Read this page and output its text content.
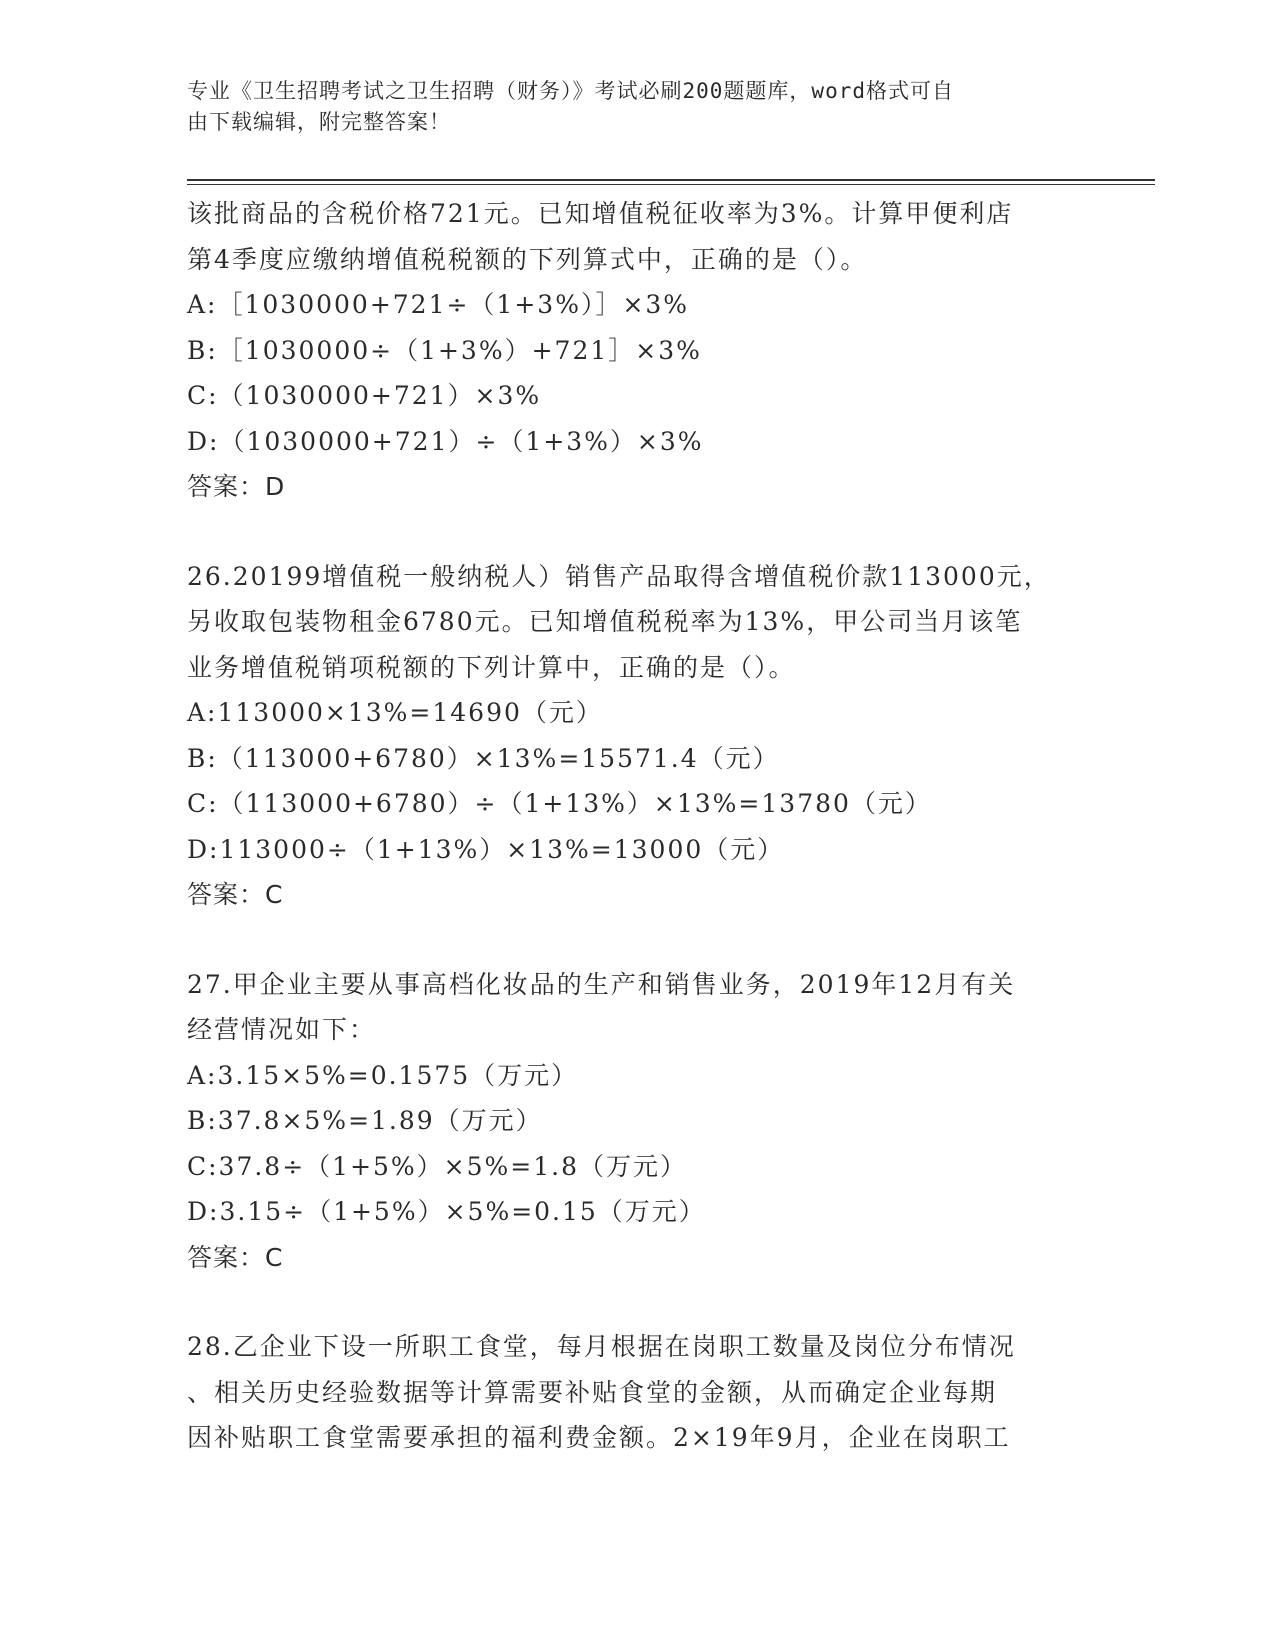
专业《卫生招聘考试之卫生招聘（财务）》考试必刷200题题库，word格式可自
由下载编辑，附完整答案！
该批商品的含税价格721元。已知增值税征收率为3%。计算甲便利店
第4季度应缴纳增值税税额的下列算式中，正确的是（）。
A:［1030000+721÷（1+3%）］×3%
B:［1030000÷（1+3%）+721］×3%
C:（1030000+721）×3%
D:（1030000+721）÷（1+3%）×3%
答案：D
26.20199增值税一般纳税人）销售产品取得含增值税价款113000元，
另收取包装物租金6780元。已知增值税税率为13%，甲公司当月该笔
业务增值税销项税额的下列计算中，正确的是（）。
A:113000×13%=14690（元）
B:（113000+6780）×13%=15571.4（元）
C:（113000+6780）÷（1+13%）×13%=13780（元）
D:113000÷（1+13%）×13%=13000（元）
答案：C
27.甲企业主要从事高档化妆品的生产和销售业务，2019年12月有关
经营情况如下：
A:3.15×5%=0.1575（万元）
B:37.8×5%=1.89（万元）
C:37.8÷（1+5%）×5%=1.8（万元）
D:3.15÷（1+5%）×5%=0.15（万元）
答案：C
28.乙企业下设一所职工食堂，每月根据在岗职工数量及岗位分布情况
、相关历史经验数据等计算需要补贴食堂的金额，从而确定企业每期
因补贴职工食堂需要承担的福利费金额。2×19年9月，企业在岗职工
